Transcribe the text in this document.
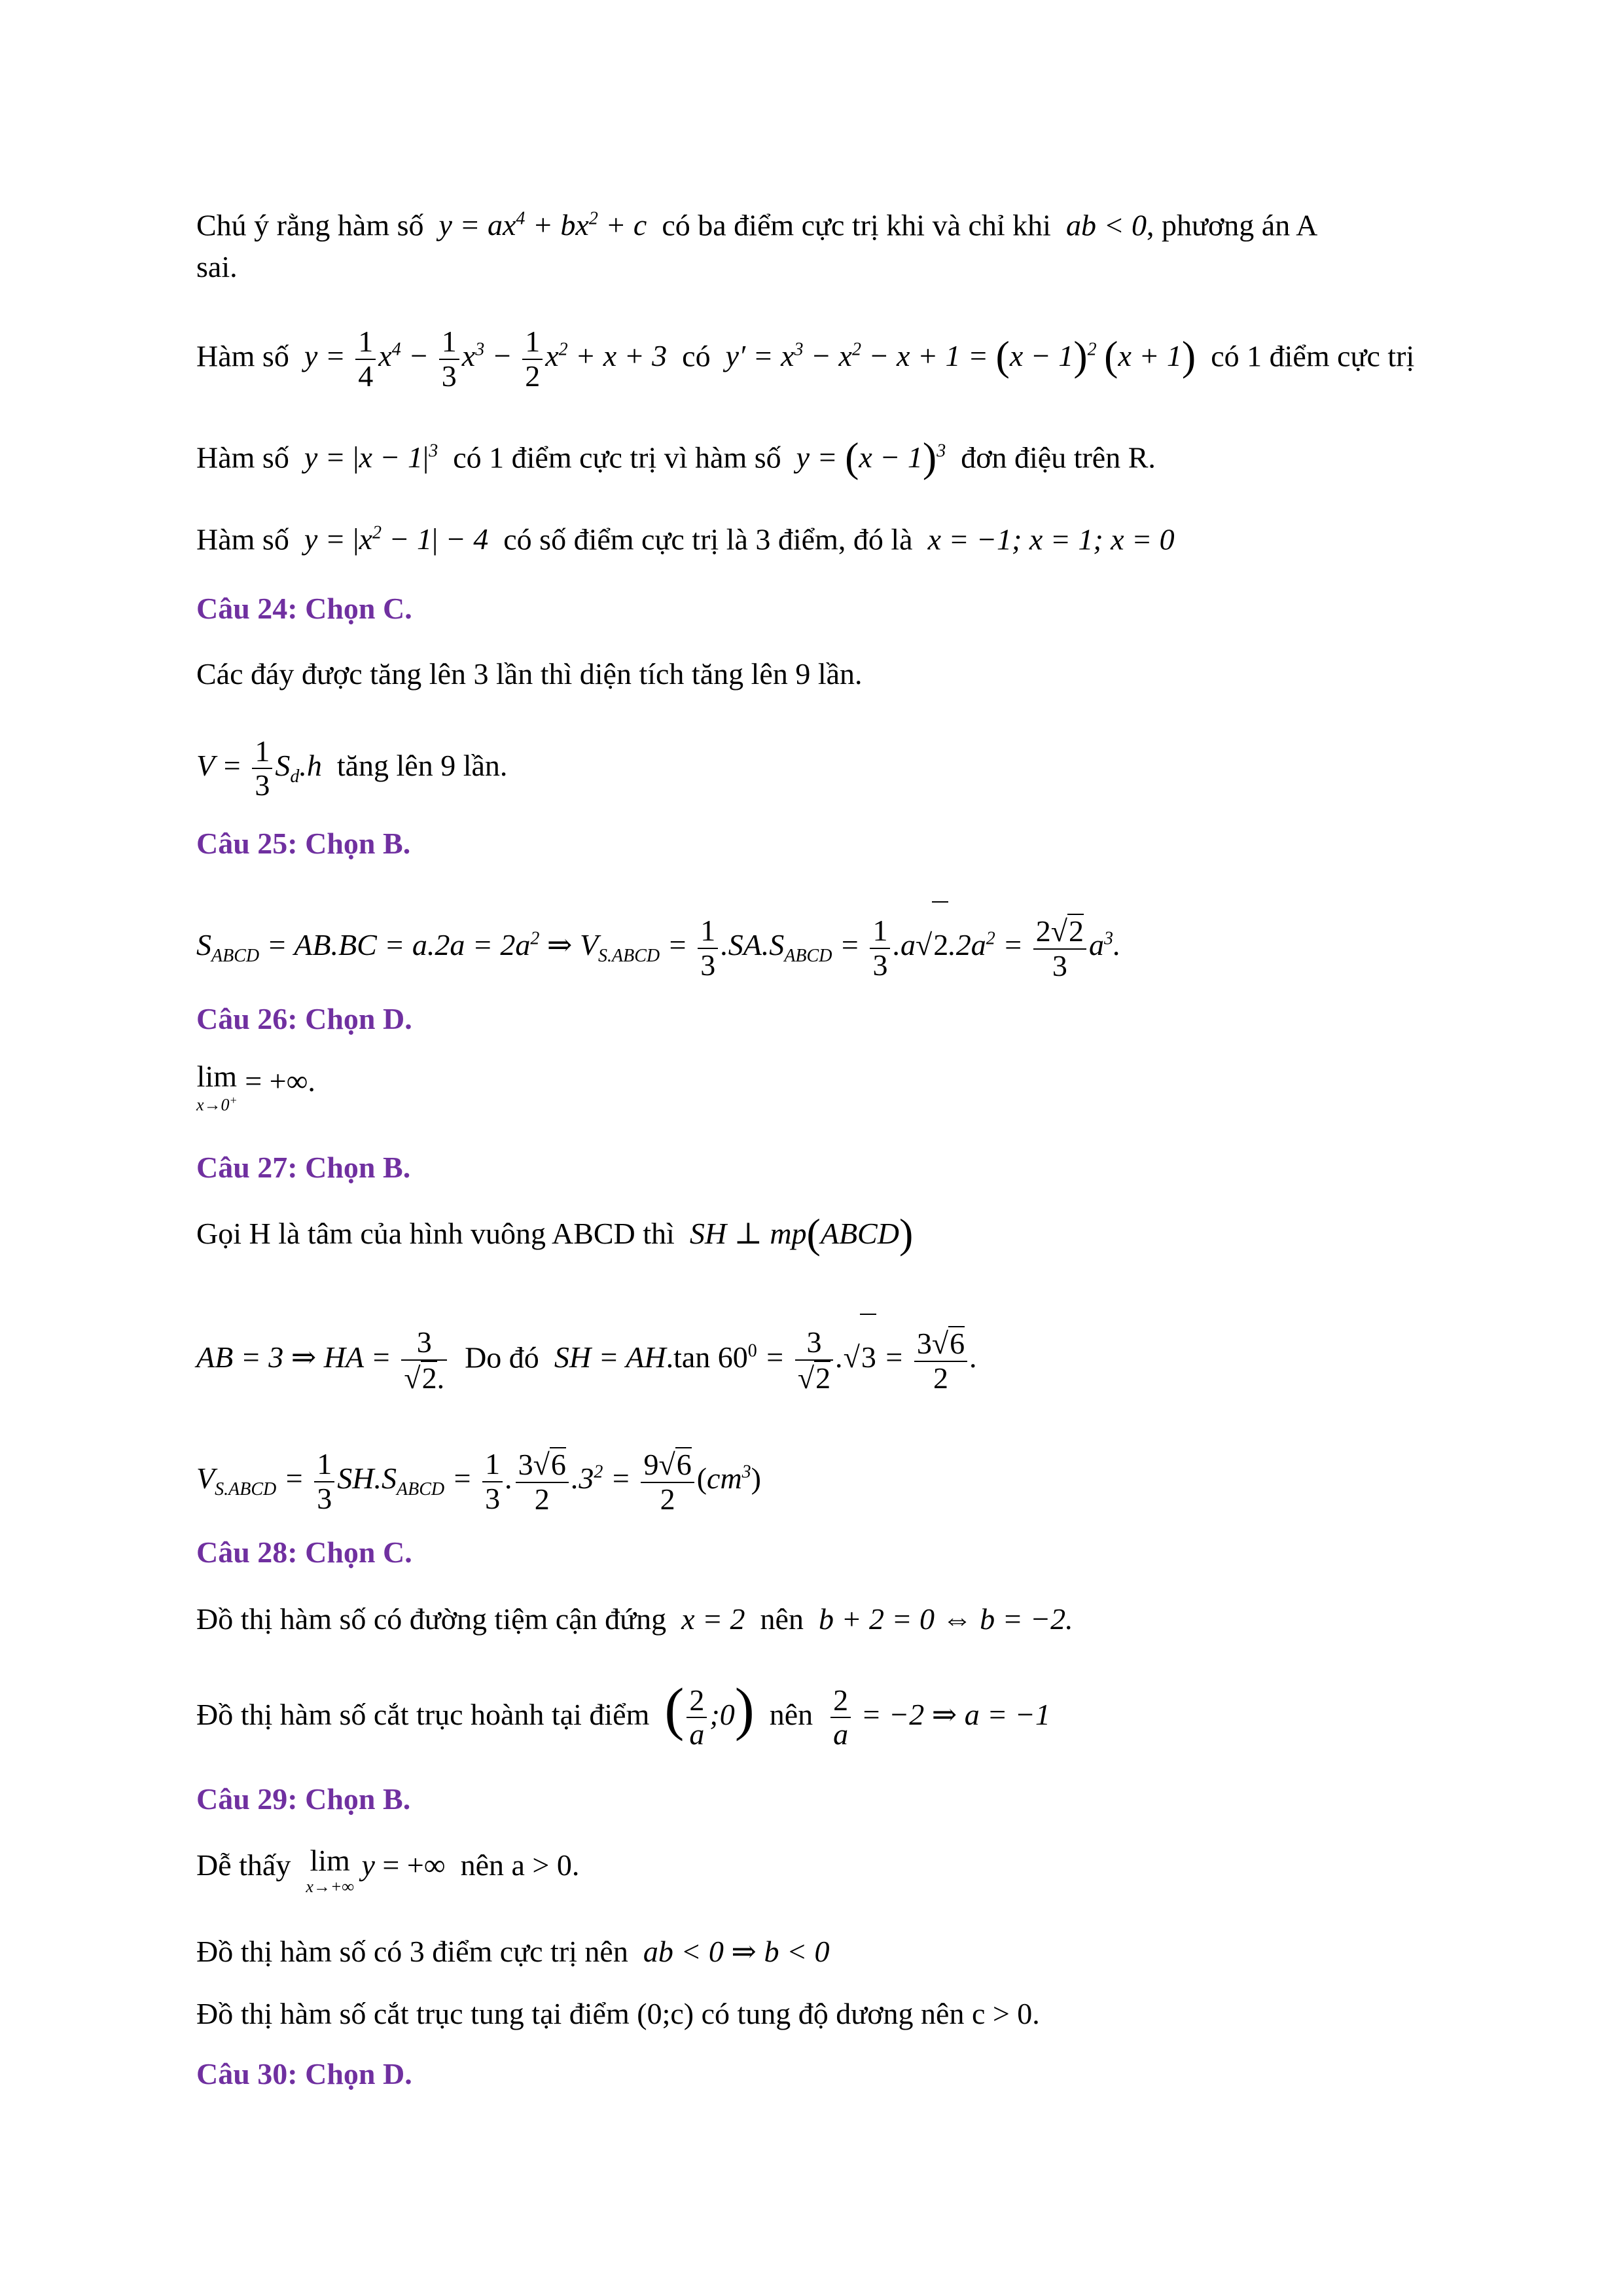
Chú ý rằng hàm số  $y = ax^4 + bx^2 + c$  có ba điểm cực trị khi và chỉ khi  ab < 0, phương án A
sai.
Hàm số  $y = \frac{1}{4} x^4 - \frac{1}{3} x^3 - \frac{1}{2} x^2 + x + 3$  có  $y' = x^3 - x^2 - x + 1 = (x - 1)^2$ (x + 1) có 1 điểm cực trị
Hàm số  $y = |x - 1|^3$ có 1 điểm cực trị vì hàm số  $y = (x - 1)^3$ đơn điệu trên R.
Hàm số  $y = |x^2 - 1| - 4$  có số điểm cực trị là 3 điểm, đó là  x = −1; x = 1; x = 0
Câu 24: Chọn C.
Các đáy được tăng lên 3 lần thì diện tích tăng lên 9 lần.
$V = \frac{1}{3} S_d.h$  tăng lên 9 lần.
Câu 25: Chọn B.
$S_{ABCD} = AB.BC = a.2a = 2a^2$ ⇒ $V_{S.ABCD} = \frac{1}{3} .SA.S_{ABCD} = \frac{1}{3} .a√2.2a^2 = \frac{2√2}{3} a^3$.
Câu 26: Chọn D.
lim
x→0+
= +∞.
Câu 27: Chọn B.
Gọi H là tâm của hình vuông ABCD thì  SH ⊥ mp(ABCD)
AB = 3 ⇒ HA = $\frac{3}{√2.}$ Do đó  SH = AH.tan $60^0 = \frac{3}{√2} .√3 = \frac{3√6}{2}$ .
$V_{S.ABCD} = \frac{1}{3} SH.S_{ABCD} = \frac{1}{3}$ . $\frac{3√6}{2} .3^2 = \frac{9√6}{2} (cm^3)$
Câu 28: Chọn C.
Đồ thị hàm số có đường tiệm cận đứng  x = 2  nên  b + 2 = 0 ⇔ b = −2.
Đồ thị hàm số cắt trục hoành tại điểm ( $\frac{2}{a}$ ;0) nên $\frac{2}{a} = -2$ ⇒ a = −1
Câu 29: Chọn B.
Dễ thấy lim
x→+∞
y = +∞  nên a > 0.
Đồ thị hàm số có 3 điểm cực trị nên  ab < 0 ⇒ b < 0
Đồ thị hàm số cắt trục tung tại điểm (0;c) có tung độ dương nên c > 0.
Câu 30: Chọn D.
